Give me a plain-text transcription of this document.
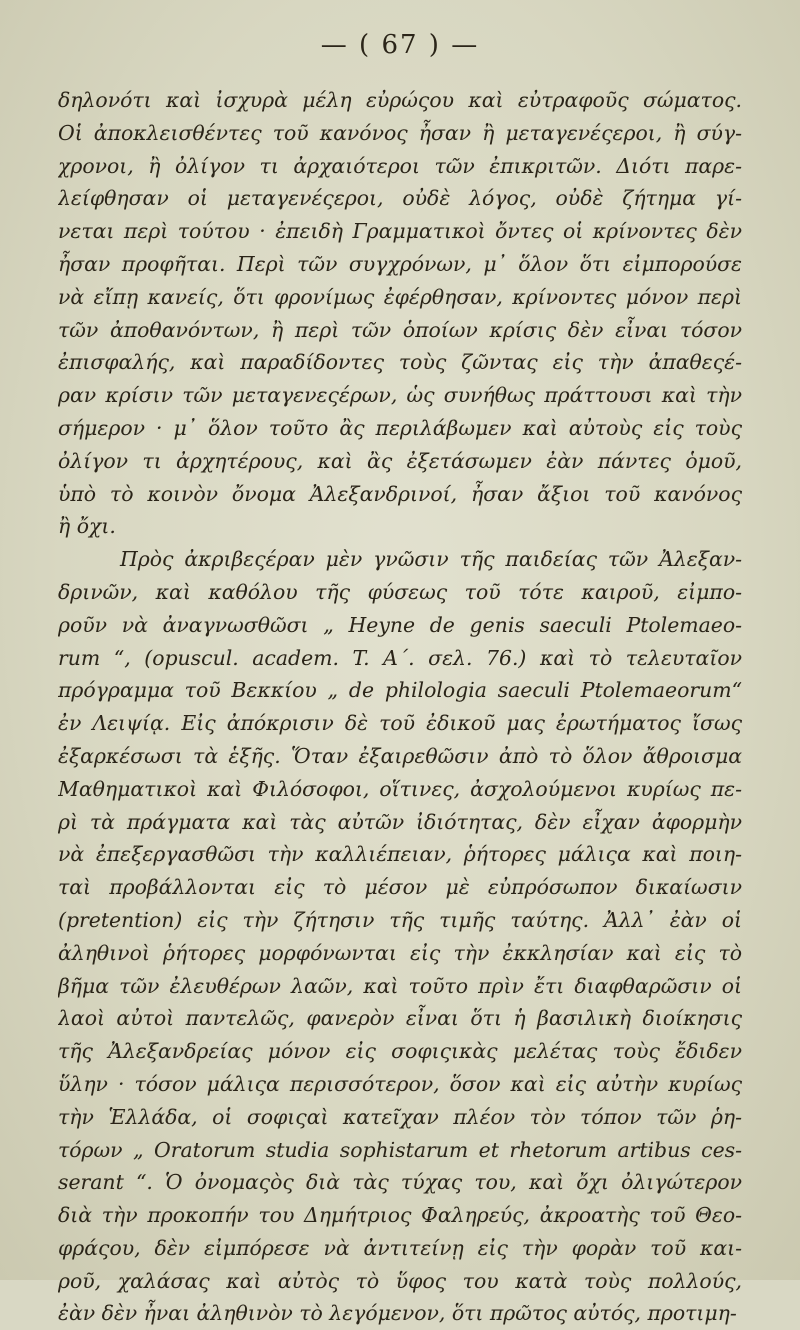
— ( 67 ) —
δηλονότι καὶ ἰσχυρὰ μέλη εὐρώςου καὶ εὐτραφοῦς σώματος.
Οἱ ἀποκλεισθέντες τοῦ κανόνος ἦσαν ἢ μεταγενέςεροι, ἢ σύγ-
χρονοι, ἢ ὀλίγον τι ἀρχαιότεροι τῶν ἐπικριτῶν. Διότι παρε-
λείφθησαν οἱ μεταγενέςεροι, οὐδὲ λόγος, οὐδὲ ζήτημα γί-
νεται περὶ τούτου · ἐπειδὴ Γραμματικοὶ ὄντες οἱ κρίνοντες δὲν
ἦσαν προφῆται. Περὶ τῶν συγχρόνων, μ᾽ ὅλον ὅτι εἰμπορούσε
νὰ εἴπῃ κανείς, ὅτι φρονίμως ἐφέρθησαν, κρίνοντες μόνον περὶ
τῶν ἀποθανόντων, ἢ περὶ τῶν ὁποίων κρίσις δὲν εἶναι τόσον
ἐπισφαλής, καὶ παραδίδοντες τοὺς ζῶντας εἰς τὴν ἀπαθεςέ-
ραν κρίσιν τῶν μεταγενεςέρων, ὡς συνήθως πράττουσι καὶ τὴν
σήμερον · μ᾽ ὅλον τοῦτο ἂς περιλάβωμεν καὶ αὐτοὺς εἰς τοὺς
ὀλίγον τι ἀρχητέρους, καὶ ἂς ἐξετάσωμεν ἐὰν πάντες ὁμοῦ,
ὑπὸ τὸ κοινὸν ὄνομα Ἀλεξανδρινοί, ἦσαν ἄξιοι τοῦ κανόνος
ἢ ὄχι.
Πρὸς ἀκριβεςέραν μὲν γνῶσιν τῆς παιδείας τῶν Ἀλεξαν-
δρινῶν, καὶ καθόλου τῆς φύσεως τοῦ τότε καιροῦ, εἰμπο-
ροῦν νὰ ἀναγνωσθῶσι „ Heyne de genis saeculi Ptolemaeo-
rum “, (opuscul. academ. T. Α΄. σελ. 76.) καὶ τὸ τελευταῖον
πρόγραμμα τοῦ Βεκκίου „ de philologia saeculi Ptolemaeorum“
ἐν Λειψίᾳ. Εἰς ἀπόκρισιν δὲ τοῦ ἐδικοῦ μας ἐρωτήματος ἴσως
ἐξαρκέσωσι τὰ ἑξῆς. Ὅταν ἐξαιρεθῶσιν ἀπὸ τὸ ὅλον ἄθροισμα
Μαθηματικοὶ καὶ Φιλόσοφοι, οἵτινες, ἀσχολούμενοι κυρίως πε-
ρὶ τὰ πράγματα καὶ τὰς αὐτῶν ἰδιότητας, δὲν εἶχαν ἀφορμὴν
νὰ ἐπεξεργασθῶσι τὴν καλλιέπειαν, ῥήτορες μάλιςα καὶ ποιη-
ταὶ προβάλλονται εἰς τὸ μέσον μὲ εὐπρόσωπον δικαίωσιν
(pretention) εἰς τὴν ζήτησιν τῆς τιμῆς ταύτης. Ἀλλ᾽ ἐὰν οἱ
ἀληθινοὶ ῥήτορες μορφόνωνται εἰς τὴν ἐκκλησίαν καὶ εἰς τὸ
βῆμα τῶν ἐλευθέρων λαῶν, καὶ τοῦτο πρὶν ἔτι διαφθαρῶσιν οἱ
λαοὶ αὐτοὶ παντελῶς, φανερὸν εἶναι ὅτι ἡ βασιλικὴ διοίκησις
τῆς Ἀλεξανδρείας μόνον εἰς σοφιςικὰς μελέτας τοὺς ἔδιδεν
ὕλην · τόσον μάλιςα περισσότερον, ὅσον καὶ εἰς αὐτὴν κυρίως
τὴν Ἑλλάδα, οἱ σοφιςαὶ κατεῖχαν πλέον τὸν τόπον τῶν ῥη-
τόρων „ Oratorum studia sophistarum et rhetorum artibus ces-
serant “. Ὁ ὀνομαςὸς διὰ τὰς τύχας του, καὶ ὄχι ὀλιγώτερον
διὰ τὴν προκοπήν του Δημήτριος Φαληρεύς, ἀκροατὴς τοῦ Θεο-
φράςου, δὲν εἰμπόρεσε νὰ ἀντιτείνῃ εἰς τὴν φορὰν τοῦ και-
ροῦ, χαλάσας καὶ αὐτὸς τὸ ὕφος του κατὰ τοὺς πολλούς,
ἐὰν δὲν ἦναι ἀληθινὸν τὸ λεγόμενον, ὅτι πρῶτος αὐτός, προτιμη-
